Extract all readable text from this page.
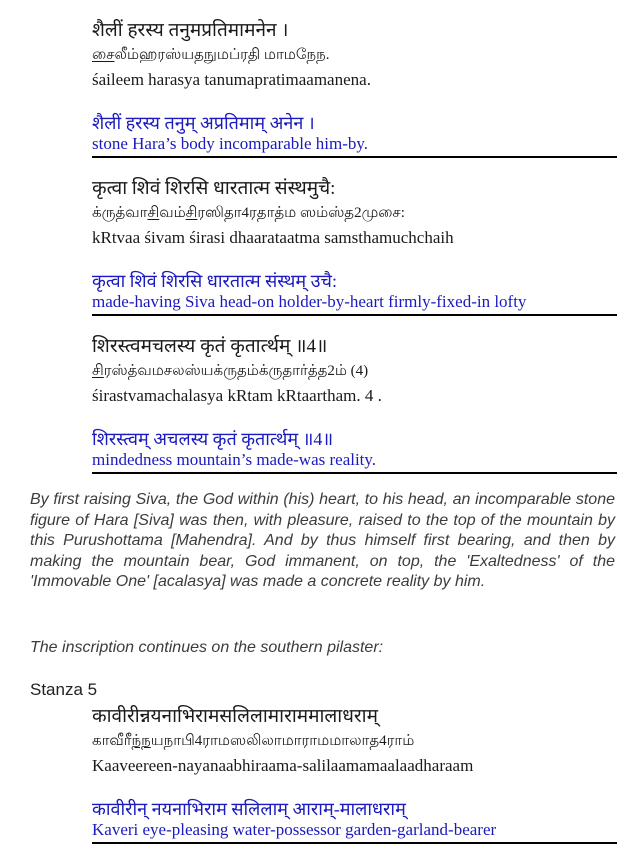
शैलीं हरस्य तनुमप्रतिमामनेन ।

சைலீம்ஹரஸ்யதநுமப்ரதி மாமநேந.

śaileem harasya tanumapratimaamanena.

शैलीं हरस्य तनुम् अप्रतिमाम् अनेन ।

stone Hara’s body incomparable him-by.

कृत्वा शिवं शिरसि धारतात्म संस्थमुचै:

க்ருத்வாசிவம்சிரஸிதா4ரதாத்ம ஸம்ஸ்த2முசை:

kRtvaa śivam śirasi dhaarataatma samsthamuchchaih

कृत्वा शिवं शिरसि धारतात्म संस्थम् उचै:

made-having Siva head-on holder-by-heart firmly-fixed-in lofty

शिरस्त्वमचलस्य कृतं कृतार्त्थम् ॥4॥

சிரஸ்த்வமசலஸ்யக்ருதம்க்ருதார்த்த2ம் (4)

śirastvamachalasya kRtam kRtaartham. 4 .

शिरस्त्वम् अचलस्य कृतं कृतार्त्थम् ॥4॥

mindedness mountain’s made-was reality.

By first raising Siva, the God within (his) heart, to his head, an incomparable stone figure of Hara [Siva] was then, with pleasure, raised to the top of the mountain by this Purushottama [Mahendra]. And by thus himself first bearing, and then by making the mountain bear, God immanent, on top, the 'Exaltedness' of the 'Immovable One' [acalasya] was made a concrete reality by him.

The inscription continues on the southern pilaster:

Stanza 5

कावीरीन्नयनाभिरामसलिलामाराममालाधराम्

காவீரீந்நயநாபி4ராமஸலிலாமாராமமாலாத4ராம்

Kaaveereen-nayanaabhiraama-salilaamamaalaadharaam

कावीरीन् नयनाभिराम सलिलाम् आराम्-मालाधराम्

Kaveri eye-pleasing water-possessor garden-garland-bearer
